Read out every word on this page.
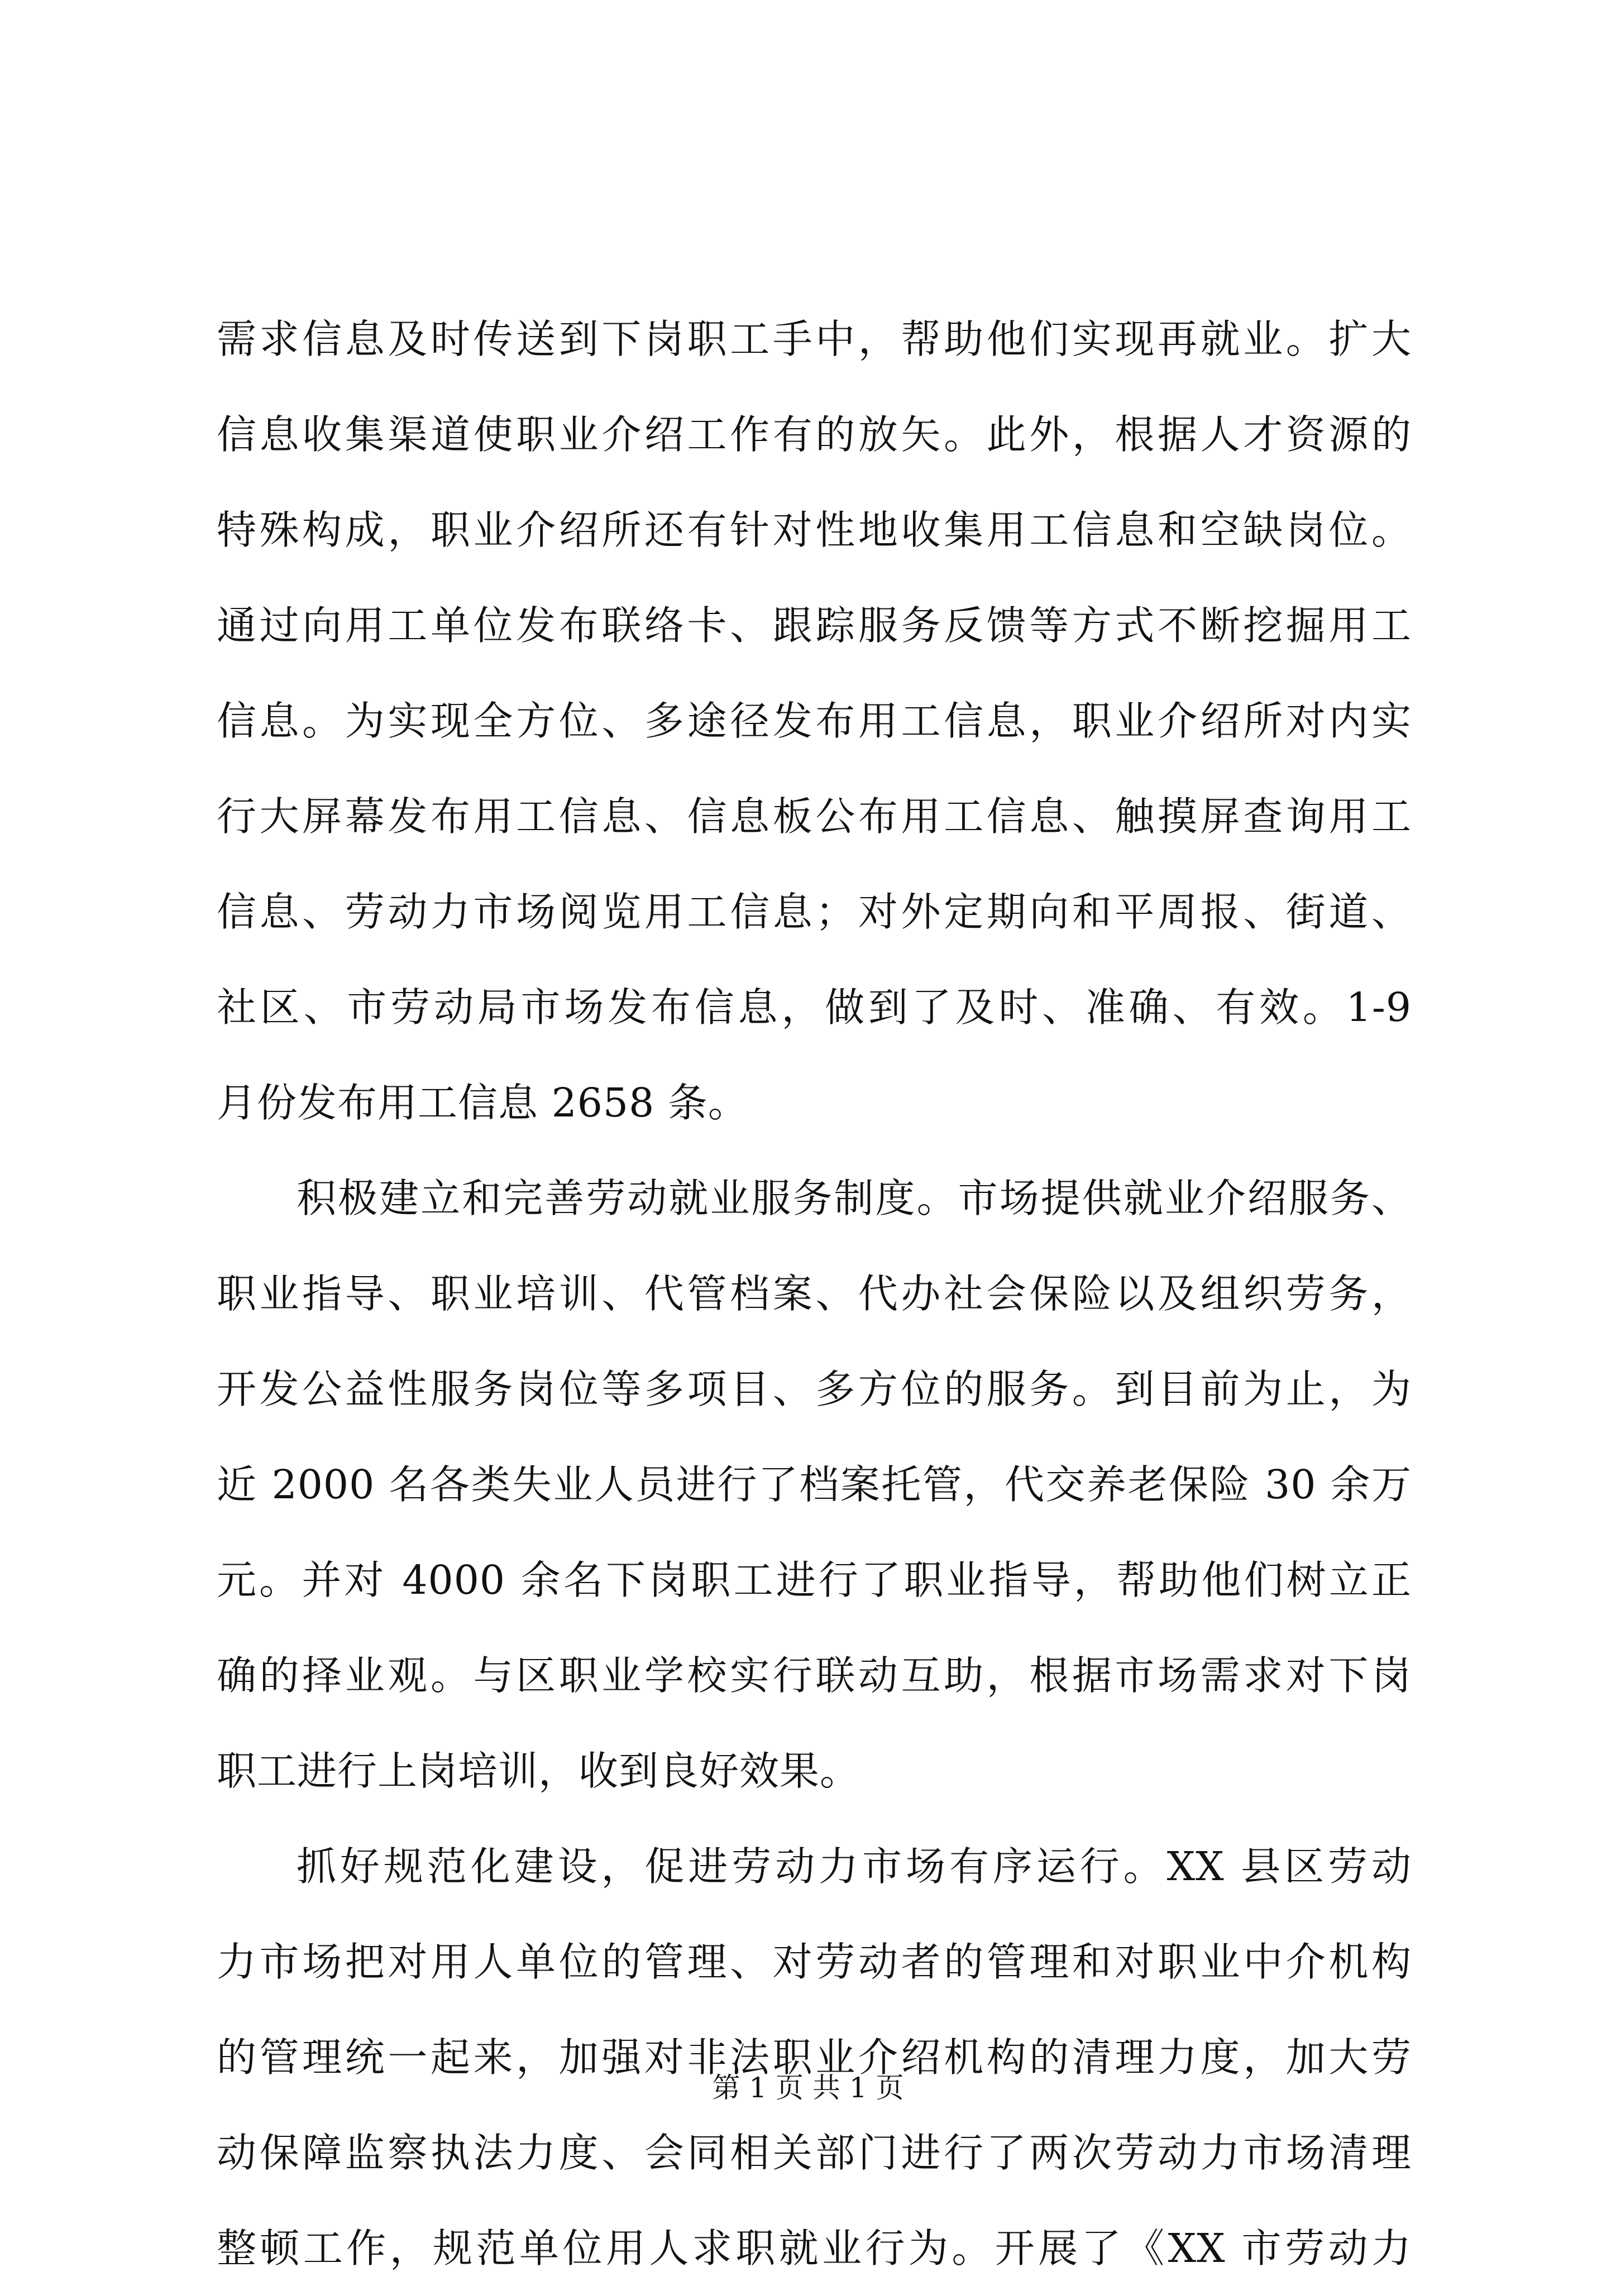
需求信息及时传送到下岗职工手中，帮助他们实现再就业。扩大
信息收集渠道使职业介绍工作有的放矢。此外，根据人才资源的
特殊构成，职业介绍所还有针对性地收集用工信息和空缺岗位。
通过向用工单位发布联络卡、跟踪服务反馈等方式不断挖掘用工
信息。为实现全方位、多途径发布用工信息，职业介绍所对内实
行大屏幕发布用工信息、信息板公布用工信息、触摸屏查询用工
信息、劳动力市场阅览用工信息；对外定期向和平周报、街道、
社区、市劳动局市场发布信息，做到了及时、准确、有效。1-9
月份发布用工信息 2658 条。
积极建立和完善劳动就业服务制度。市场提供就业介绍服务、
职业指导、职业培训、代管档案、代办社会保险以及组织劳务，
开发公益性服务岗位等多项目、多方位的服务。到目前为止，为
近 2000 名各类失业人员进行了档案托管，代交养老保险 30 余万
元。并对 4000 余名下岗职工进行了职业指导，帮助他们树立正
确的择业观。与区职业学校实行联动互助，根据市场需求对下岗
职工进行上岗培训，收到良好效果。
抓好规范化建设，促进劳动力市场有序运行。XX 县区劳动
力市场把对用人单位的管理、对劳动者的管理和对职业中介机构
的管理统一起来，加强对非法职业介绍机构的清理力度，加大劳
动保障监察执法力度、会同相关部门进行了两次劳动力市场清理
整顿工作，规范单位用人求职就业行为。开展了《XX 市劳动力
第 1 页 共 1 页
